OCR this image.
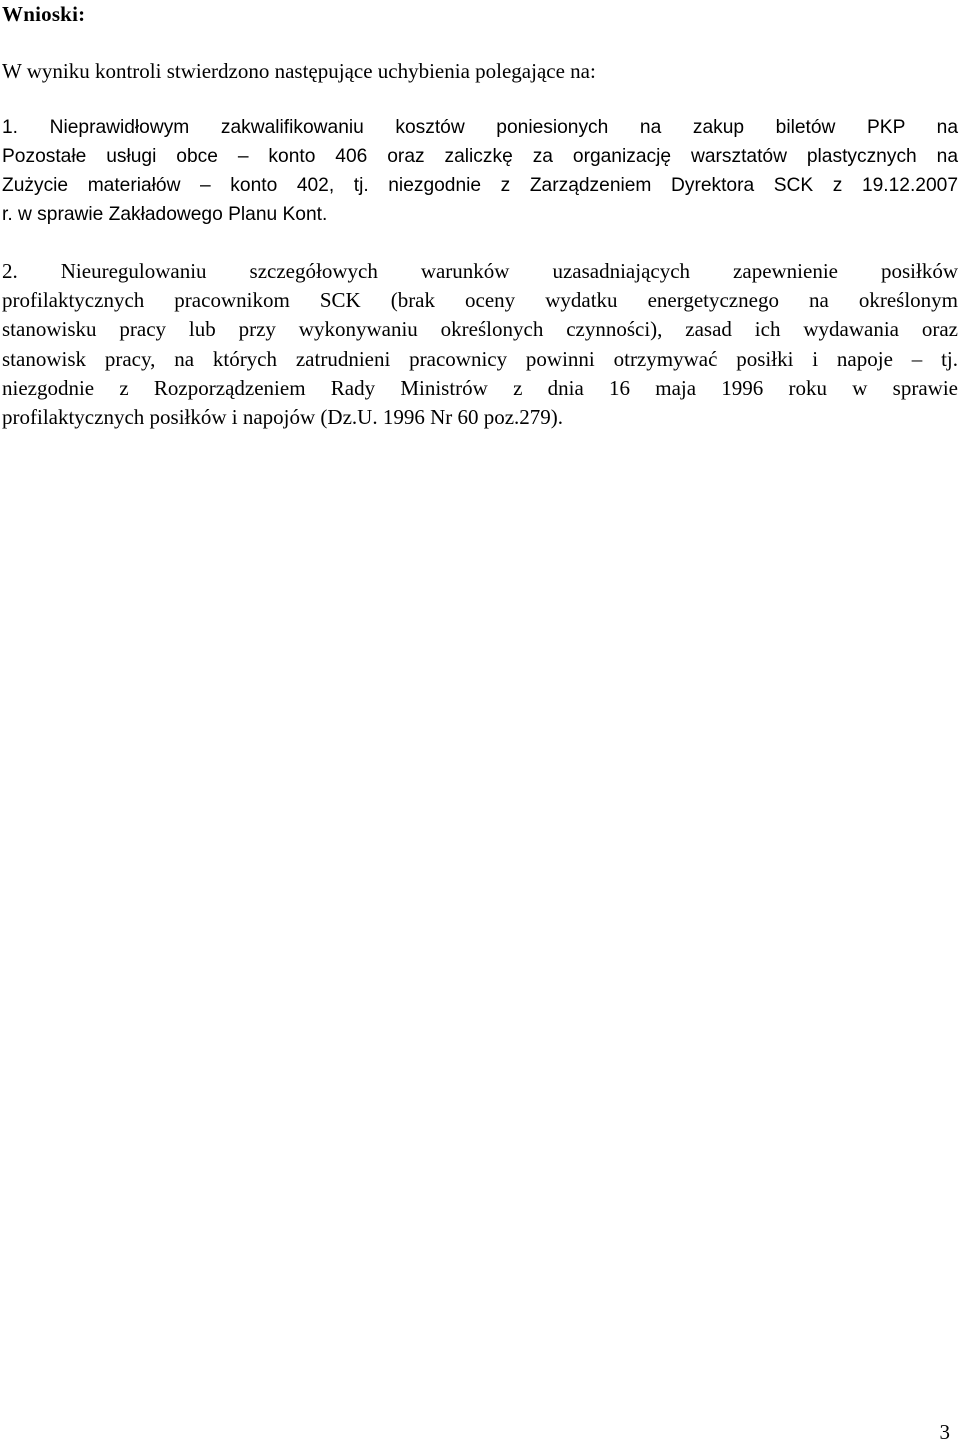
Wnioski:

W wyniku kontroli stwierdzono następujące uchybienia polegające na:

1. Nieprawidłowym zakwalifikowaniu kosztów poniesionych na zakup biletów PKP na
Pozostałe usługi obce – konto 406 oraz zaliczkę za organizację warsztatów plastycznych na
Zużycie materiałów – konto 402, tj. niezgodnie z Zarządzeniem Dyrektora SCK z 19.12.2007
r. w sprawie Zakładowego Planu Kont.

2. Nieuregulowaniu szczegółowych warunków uzasadniających zapewnienie posiłków
profilaktycznych pracownikom SCK (brak oceny wydatku energetycznego na określonym
stanowisku pracy lub przy wykonywaniu określonych czynności), zasad ich wydawania oraz
stanowisk pracy, na których zatrudnieni pracownicy powinni otrzymywać posiłki i napoje – tj.
niezgodnie z Rozporządzeniem Rady Ministrów z dnia 16 maja 1996 roku w sprawie
profilaktycznych posiłków i napojów (Dz.U. 1996 Nr 60 poz.279).

3
